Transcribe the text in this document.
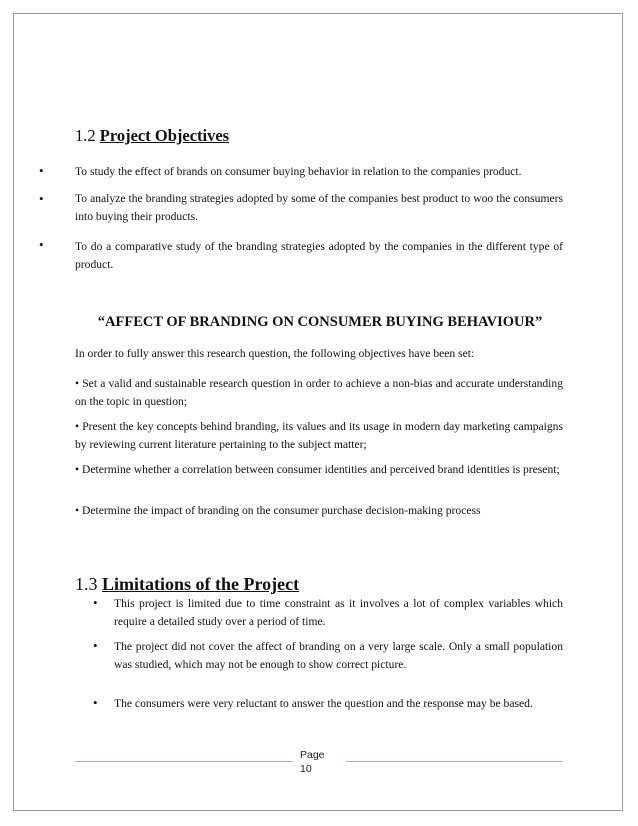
1.2 Project Objectives
•	To study the effect of brands on consumer buying behavior in relation to the companies product.
•	To analyze the branding strategies adopted by some of the companies best product to woo the consumers into buying their products.
•	To do a comparative study of the branding strategies adopted by the companies in the different type of product.
“AFFECT OF BRANDING ON CONSUMER BUYING BEHAVIOUR”
In order to fully answer this research question, the following objectives have been set:
• Set a valid and sustainable research question in order to achieve a non-bias and accurate understanding on the topic in question;
• Present the key concepts behind branding, its values and its usage in modern day marketing campaigns by reviewing current literature pertaining to the subject matter;
• Determine whether a correlation between consumer identities and perceived brand identities is present;
• Determine the impact of branding on the consumer purchase decision-making process
1.3 Limitations of the Project
• This project is limited due to time constraint as it involves a lot of complex variables which require a detailed study over a period of time.
• The project did not cover the affect of branding on a very large scale. Only a small population was studied, which may not be enough to show correct picture.
• The consumers were very reluctant to answer the question and the response may be based.
Page
10
